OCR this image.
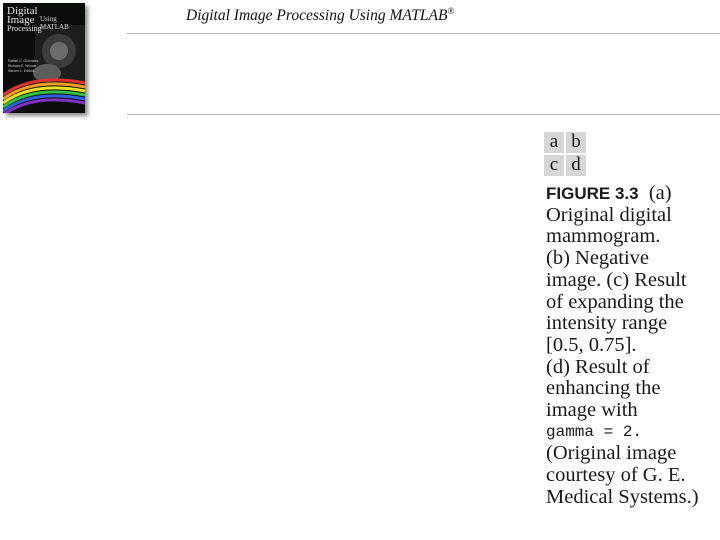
Digital
Image
Processing
Using MATLAB
Rafael C. Gonzalez
Richard E. Woods
Steven L. Eddins
Digital Image Processing Using MATLAB®
a b
c d
FIGURE 3.3 (a)
Original digital
mammogram.
(b) Negative
image. (c) Result
of expanding the
intensity range
[0.5, 0.75].
(d) Result of
enhancing the
image with
gamma = 2.
(Original image
courtesy of G. E.
Medical Systems.)
